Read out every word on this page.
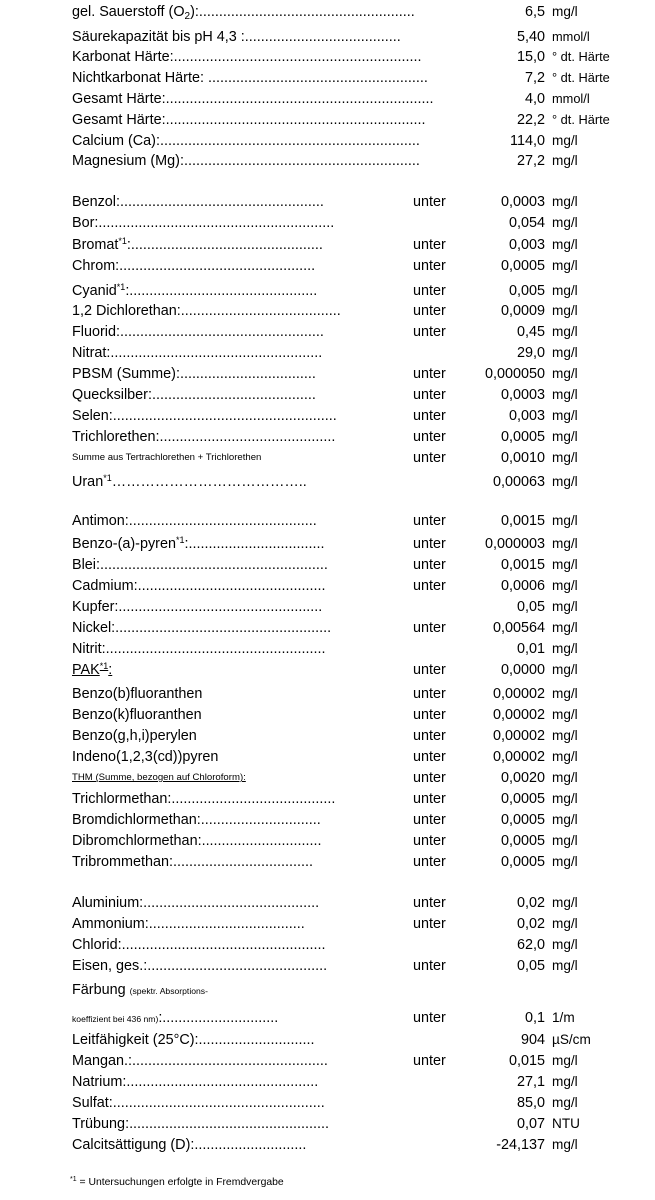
gel. Sauerstoff $(O_2)$:......................................................	6,5 mg/l
Säurekapazität bis pH 4,3 :.......................................	5,40 mmol/l
Karbonat Härte:..............................................................	15,0 ° dt. Härte
Nichtkarbonat Härte: .......................................................	7,2 ° dt. Härte
Gesamt Härte:...................................................................	4,0 mmol/l
Gesamt Härte:.................................................................	22,2 ° dt. Härte
Calcium (Ca):.................................................................	114,0 mg/l
Magnesium (Mg):...........................................................	27,2 mg/l
Benzol:...................................................	unter	0,0003 mg/l
Bor:...........................................................	0,054 mg/l
Bromat$^{*1}$:................................................	unter	0,003 mg/l
Chrom:.................................................	unter	0,0005 mg/l
Cyanid$^{*1}$:...............................................	unter	0,005 mg/l
1,2 Dichlorethan:........................................	unter	0,0009 mg/l
Fluorid:...................................................	unter	0,45 mg/l
Nitrat:.....................................................	29,0 mg/l
PBSM (Summe):..................................	unter	0,000050 mg/l
Quecksilber:.........................................	unter	0,0003 mg/l
Selen:........................................................	unter	0,003 mg/l
Trichlorethen:............................................	unter	0,0005 mg/l
Summe aus Tertrachlorethen + Trichlorethen	unter	0,0010 mg/l
Uran$^{*1}$…………………………………..	0,00063 mg/l
Antimon:...............................................	unter	0,0015 mg/l
Benzo-(a)-pyren$^{*1}$:..................................	unter	0,000003 mg/l
Blei:.........................................................	unter	0,0015 mg/l
Cadmium:...............................................	unter	0,0006 mg/l
Kupfer:...................................................	0,05 mg/l
Nickel:......................................................	unter	0,00564 mg/l
Nitrit:.......................................................	0,01 mg/l
PAK$^{*1}$:	unter	0,0000 mg/l
Benzo(b)fluoranthen	unter	0,00002 mg/l
Benzo(k)fluoranthen	unter	0,00002 mg/l
Benzo(g,h,i)perylen	unter	0,00002 mg/l
Indeno(1,2,3(cd))pyren	unter	0,00002 mg/l
THM (Summe, bezogen auf Chloroform):	unter	0,0020 mg/l
Trichlormethan:.........................................	unter	0,0005 mg/l
Bromdichlormethan:..............................	unter	0,0005 mg/l
Dibromchlormethan:..............................	unter	0,0005 mg/l
Tribrommethan:...................................	unter	0,0005 mg/l
Aluminium:............................................	unter	0,02 mg/l
Ammonium:.......................................	unter	0,02 mg/l
Chlorid:...................................................	62,0 mg/l
Eisen, ges.:.............................................	unter	0,05 mg/l
Färbung (spektr. Absorptions-
koeffizient bei 436 nm):.............................	unter	0,1 1/m
Leitfähigkeit (25°C):.............................	904 µS/cm
Mangan.:.................................................	unter	0,015 mg/l
Natrium:................................................	27,1 mg/l
Sulfat:.....................................................	85,0 mg/l
Trübung:..................................................	0,07 NTU
Calcitsättigung (D):............................	-24,137 mg/l
$^{*1}$ = Untersuchungen erfolgte in Fremdvergabe
